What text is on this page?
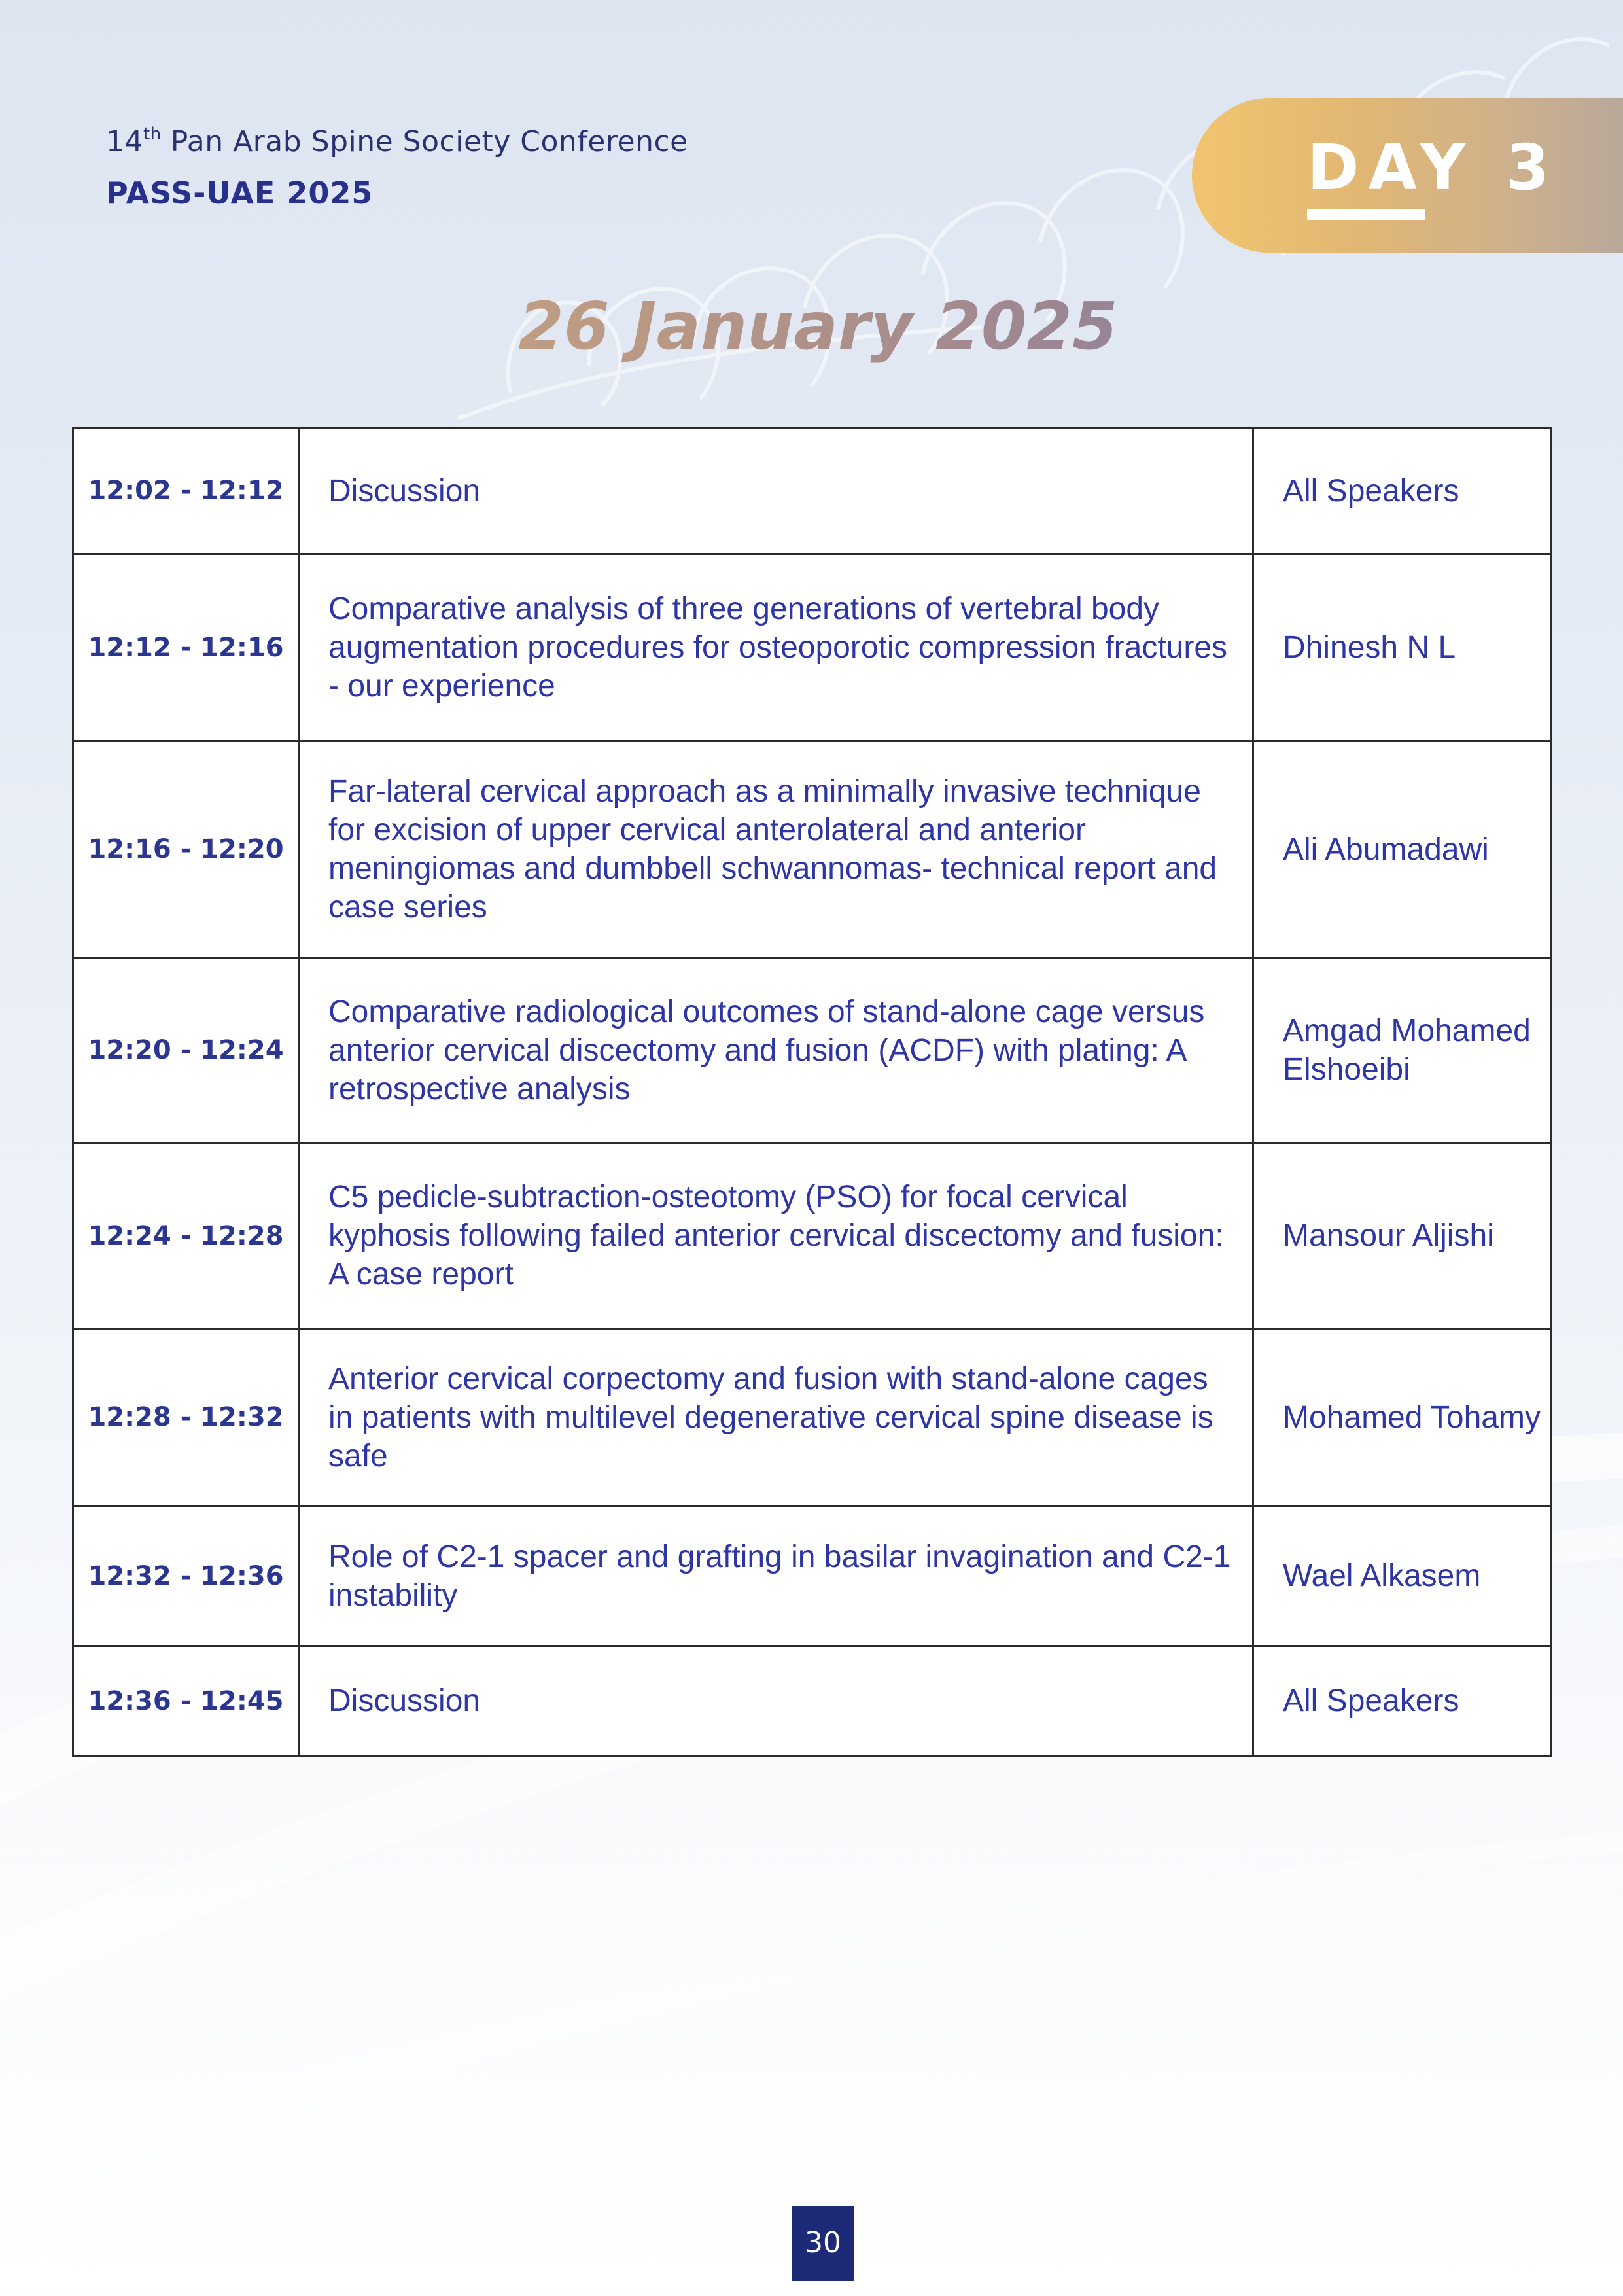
14th Pan Arab Spine Society Conference
PASS-UAE 2025	DAY 3
26 January 2025
12:02 - 12:12	Discussion	All Speakers
12:12 - 12:16	Comparative analysis of three generations of vertebral body augmentation procedures for osteoporotic compression fractures - our experience	Dhinesh N L
12:16 - 12:20	Far-lateral cervical approach as a minimally invasive technique for excision of upper cervical anterolateral and anterior meningiomas and dumbbell schwannomas- technical report and case series	Ali Abumadawi
12:20 - 12:24	Comparative radiological outcomes of stand-alone cage versus anterior cervical discectomy and fusion (ACDF) with plating: A retrospective analysis	Amgad Mohamed Elshoeibi
12:24 - 12:28	C5 pedicle-subtraction-osteotomy (PSO) for focal cervical kyphosis following failed anterior cervical discectomy and fusion: A case report	Mansour Aljishi
12:28 - 12:32	Anterior cervical corpectomy and fusion with stand-alone cages in patients with multilevel degenerative cervical spine disease is safe	Mohamed Tohamy
12:32 - 12:36	Role of C2-1 spacer and grafting in basilar invagination and C2-1 instability	Wael Alkasem
12:36 - 12:45	Discussion	All Speakers
30
